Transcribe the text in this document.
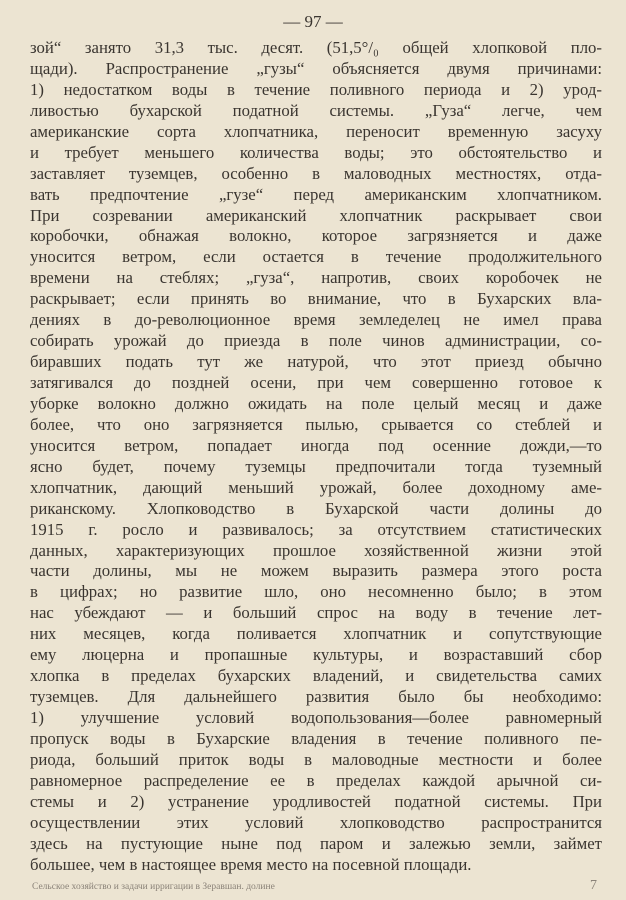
— 97 —
зой“ занято 31,3 тыс. десят. (51,5°/₀ общей хлопковой пло-
щади). Распространение „гузы“ объясняется двумя причинами:
1) недостатком воды в течение поливного периода и 2) урод-
ливостью бухарской податной системы. „Гуза“ легче, чем
американские сорта хлопчатника, переносит временную засуху
и требует меньшего количества воды; это обстоятельство и
заставляет туземцев, особенно в маловодных местностях, отда-
вать предпочтение „гузе“ перед американским хлопчатником.
При созревании американский хлопчатник раскрывает свои
коробочки, обнажая волокно, которое загрязняется и даже
уносится ветром, если остается в течение продолжительного
времени на стеблях; „гуза“, напротив, своих коробочек не
раскрывает; если принять во внимание, что в Бухарских вла-
дениях в до-революционное время земледелец не имел права
собирать урожай до приезда в поле чинов администрации, со-
биравших подать тут же натурой, что этот приезд обычно
затягивался до поздней осени, при чем совершенно готовое к
уборке волокно должно ожидать на поле целый месяц и даже
более, что оно загрязняется пылью, срывается со стеблей и
уносится ветром, попадает иногда под осенние дожди,—то
ясно будет, почему туземцы предпочитали тогда туземный
хлопчатник, дающий меньший урожай, более доходному аме-
риканскому. Хлопководство в Бухарской части долины до
1915 г. росло и развивалось; за отсутствием статистических
данных, характеризующих прошлое хозяйственной жизни этой
части долины, мы не можем выразить размера этого роста
в цифрах; но развитие шло, оно несомненно было; в этом
нас убеждают — и больший спрос на воду в течение лет-
них месяцев, когда поливается хлопчатник и сопутствующие
ему люцерна и пропашные культуры, и возраставший сбор
хлопка в пределах бухарских владений, и свидетельства самих
туземцев. Для дальнейшего развития было бы необходимо:
1) улучшение условий водопользования—более равномерный
пропуск воды в Бухарские владения в течение поливного пе-
риода, больший приток воды в маловодные местности и более
равномерное распределение ее в пределах каждой арычной си-
стемы и 2) устранение уродливостей податной системы. При
осуществлении этих условий хлопководство распространится
здесь на пустующие ныне под паром и залежью земли, займет
большее, чем в настоящее время место на посевной площади.
Сельское хозяйство и задачи ирригации в Зеравшан. долине	7
